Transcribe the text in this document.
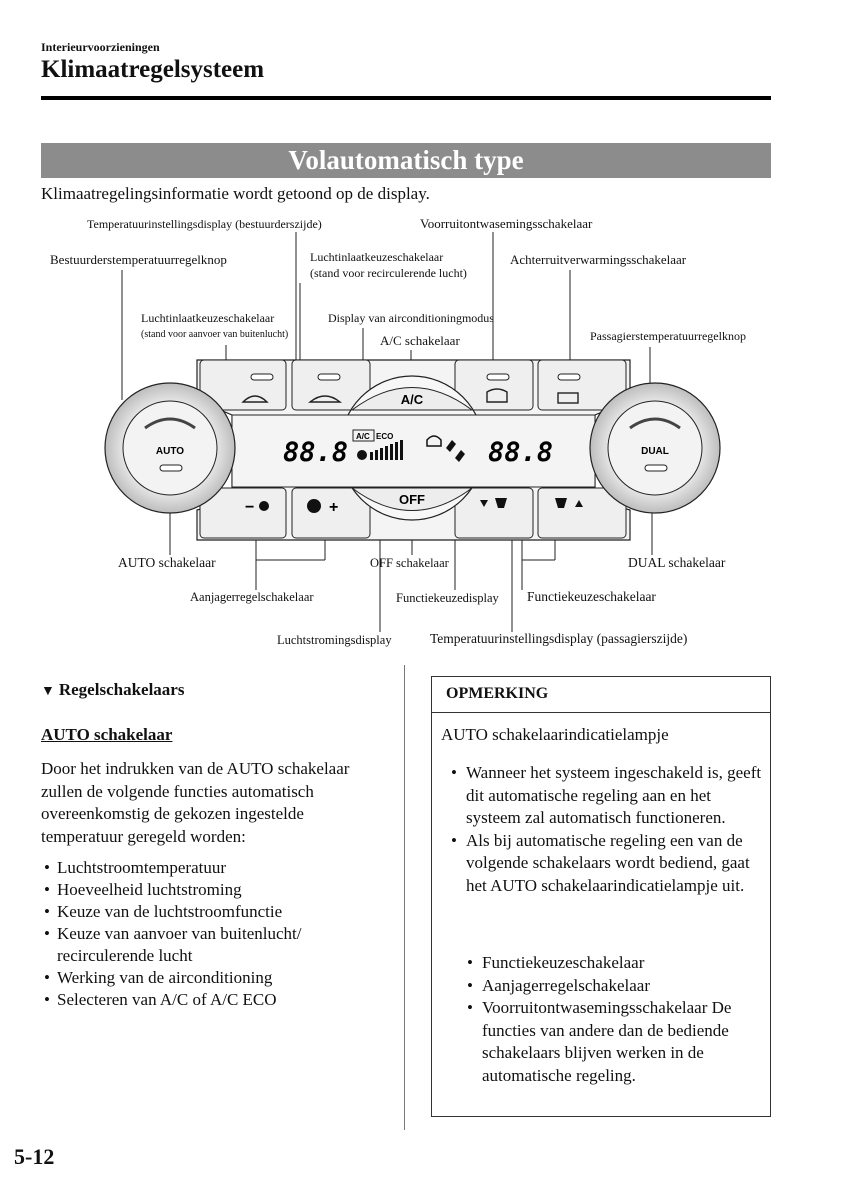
Interieurvoorzieningen
Klimaatregelsysteem
Volautomatisch type
Klimaatregelingsinformatie wordt getoond op de display.
Temperatuurinstellingsdisplay (bestuurderszijde)	Voorruitontwasemingsschakelaar
Bestuurderstemperatuurregelknop	Luchtinlaatkeuzeschakelaar
(stand voor recirculerende lucht)
Achterruitverwarmingsschakelaar
Luchtinlaatkeuzeschakelaar
(stand voor aanvoer van buitenlucht)
Display van airconditioningmodus
A/C schakelaar	Passagierstemperatuurregelknop
AUTO schakelaar	OFF schakelaar	DUAL schakelaar
Aanjagerregelschakelaar	Functiekeuzedisplay Functiekeuzeschakelaar
Luchtstromingsdisplay	Temperatuurinstellingsdisplay (passagierszijde)
A/C
OFF
88.8	88.8
A/C ECO
−	+
AUTO	DUAL
▼ Regelschakelaars
AUTO schakelaar
Door het indrukken van de AUTO schakelaar zullen de volgende functies automatisch overeenkomstig de gekozen ingestelde temperatuur geregeld worden:
• Luchtstroomtemperatuur
• Hoeveelheid luchtstroming
• Keuze van de luchtstroomfunctie
• Keuze van aanvoer van buitenlucht/ recirculerende lucht
• Werking van de airconditioning
• Selecteren van A/C of A/C ECO
OPMERKING
AUTO schakelaarindicatielampje
• Wanneer het systeem ingeschakeld is, geeft dit automatische regeling aan en het systeem zal automatisch functioneren.
• Als bij automatische regeling een van de volgende schakelaars wordt bediend, gaat het AUTO schakelaarindicatielampje uit.
• Functiekeuzeschakelaar
• Aanjagerregelschakelaar
• Voorruitontwasemingsschakelaar De functies van andere dan de bediende schakelaars blijven werken in de automatische regeling.
5-12
